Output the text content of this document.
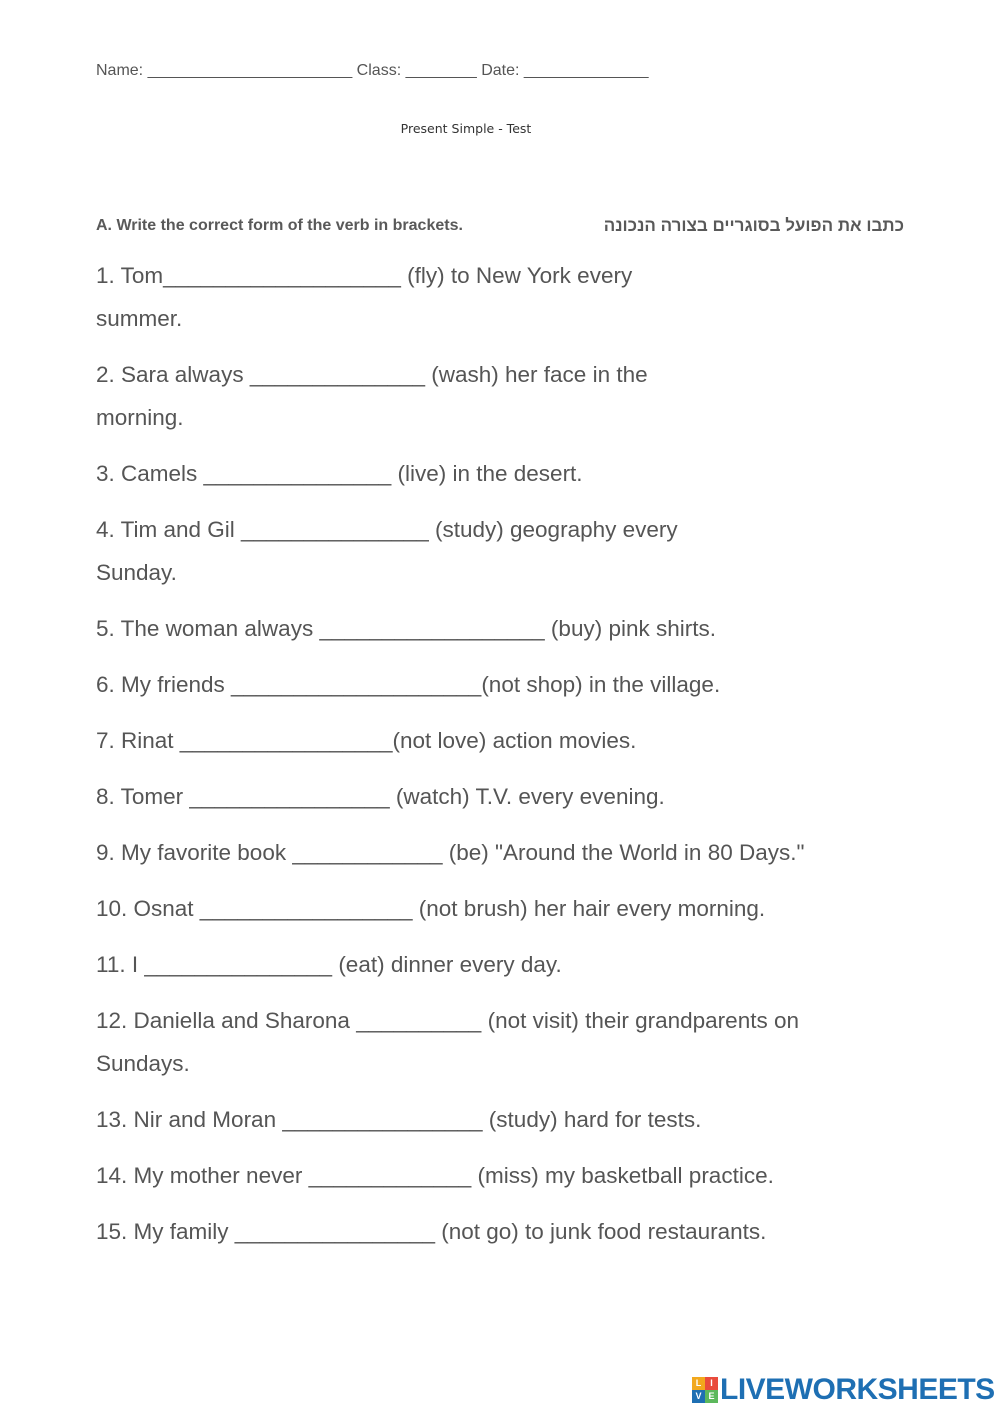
Name: _______________________ Class: ________ Date: ______________
Present Simple - Test
A. Write the correct form of the verb in brackets.	כתבו את הפועל בסוגריים בצורה הנכונה
1. Tom___________________ (fly) to New York every
summer.
2. Sara always ______________ (wash) her face in the
morning.
3. Camels _______________ (live) in the desert.
4. Tim and Gil _______________ (study) geography every
Sunday.
5. The woman always __________________ (buy) pink shirts.
6. My friends ____________________(not shop) in the village.
7. Rinat _________________(not love) action movies.
8. Tomer ________________ (watch) T.V. every evening.
9. My favorite book ____________ (be) "Around the World in 80 Days."
10. Osnat _________________ (not brush) her hair every morning.
11. I _______________ (eat) dinner every day.
12. Daniella and Sharona __________ (not visit) their grandparents on
Sundays.
13. Nir and Moran ________________ (study) hard for tests.
14. My mother never _____________ (miss) my basketball practice.
15. My family ________________ (not go) to junk food restaurants.
L I
V E LIVEWORKSHEETS
